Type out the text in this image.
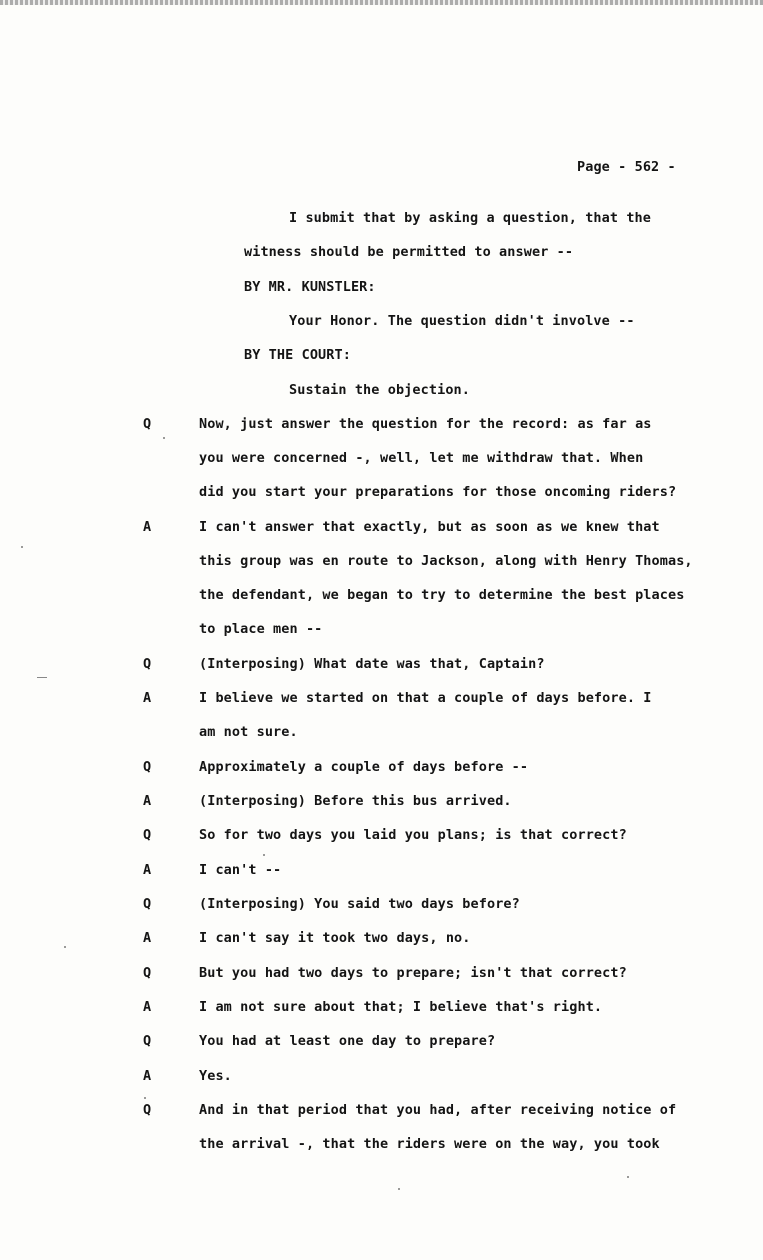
Page - 562 -
I submit that by asking a question, that the
witness should be permitted to answer --
BY MR. KUNSTLER:
Your Honor. The question didn't involve --
BY THE COURT:
Sustain the objection.
Q	Now, just answer the question for the record: as far as
you were concerned -, well, let me withdraw that. When
did you start your preparations for those oncoming riders?
A	I can't answer that exactly, but as soon as we knew that
this group was en route to Jackson, along with Henry Thomas,
the defendant, we began to try to determine the best places
to place men --
Q	(Interposing) What date was that, Captain?
A	I believe we started on that a couple of days before. I
am not sure.
Q	Approximately a couple of days before --
A	(Interposing) Before this bus arrived.
Q	So for two days you laid you plans; is that correct?
A	I can't --
Q	(Interposing) You said two days before?
A	I can't say it took two days, no.
Q	But you had two days to prepare; isn't that correct?
A	I am not sure about that; I believe that's right.
Q	You had at least one day to prepare?
A	Yes.
Q	And in that period that you had, after receiving notice of
the arrival -, that the riders were on the way, you took
